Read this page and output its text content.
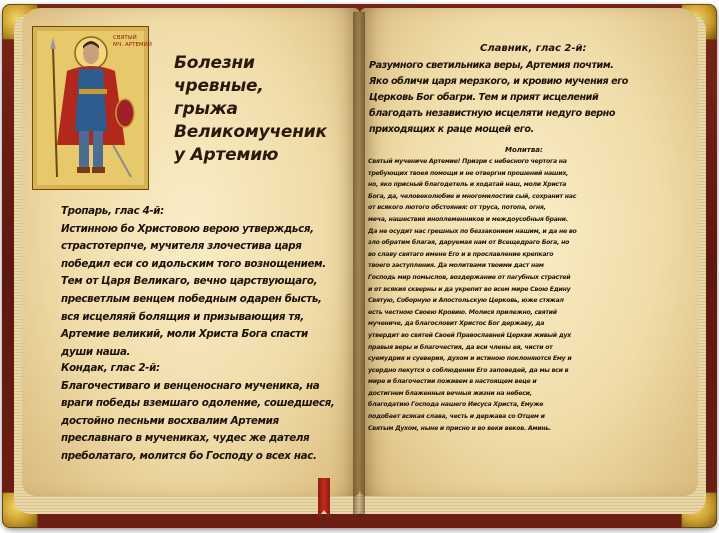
СВЯТЫЙ
МЧ. АРТЕМИЙ
Болезни
чревные,
грыжа
Великомученик
у Артемию
Тропарь, глас 4-й:
Истинною бо Христовою верою утверждься,
страстотерпче, мучителя злочестива царя
победил еси со идольским того вознощением.
Тем от Царя Великаго, вечно царствующаго,
пресветлым венцем победным одарен бысть,
вся исцеляяй болящия и призывающия тя,
Артемие великий, моли Христа Бога спасти
души наша.
Кондак, глас 2-й:
Благочестиваго и венценоснаго мученика, на
враги победы вземшаго одоление, сошедшеся,
достойно песньми восхвалим Артемия
преславнаго в мучениках, чудес же дателя
преболатаго, молится бо Господу о всех нас.
Славник, глас 2-й:
Разумного светильника веры, Артемия почтим.
Яко обличи царя мерзкого, и кровию мучения его
Церковь Бог обагри. Тем и прият исцелений
благодать независтную исцеляти недуго верно
приходящих к раце мощей его.
Молитва:
Святый мучениче Артемие! Призри с небесного чертога на
требующих твоея помощи и не отвергни прошений наших,
но, яко присный благодетель и ходатай наш, моли Христа
Бога, да, человеколюбие и многомилостив сый, сохранит нас
от всякого лютого обстояния: от труса, потопа, огня,
меча, нашествия иноплеменников и междоусобныя брани.
Да не осудит нас грешных по беззаконием нашим, и да не во
зло обратим благая, даруемая нам от Всещедраго Бога, но
во славу святаго имене Его и в прославление крепкаго
твоего заступления. Да молитвами твоими даст нам
Господь мир помыслов, воздержание от пагубных страстей
и от всякия скверны и да укрепит во всем мире Свою Едину
Святую, Соборную и Апостольскую Церковь, юже стяжал
есть честною Своею Кровию. Молися прилежно, святий
мучениче, да благословит Христос Бог державу, да
утвердит во святей Своей Православней Церкви живый дух
правыя веры и благочестия, да вси члены ея, чисти от
суемудрия и суеверия, духом и истиною поклоняются Ему и
усердно пекутся о соблюдении Его заповедей, да мы вси в
мире и благочестии поживем в настоящем веце и
достигнем блаженныя вечныя жизни на небеси,
благодатию Господа нашего Иисуса Христа, Емуже
подобает всякая слава, честь и держава со Отцем и
Святым Духом, ныне и присно и во веки веков. Аминь.
